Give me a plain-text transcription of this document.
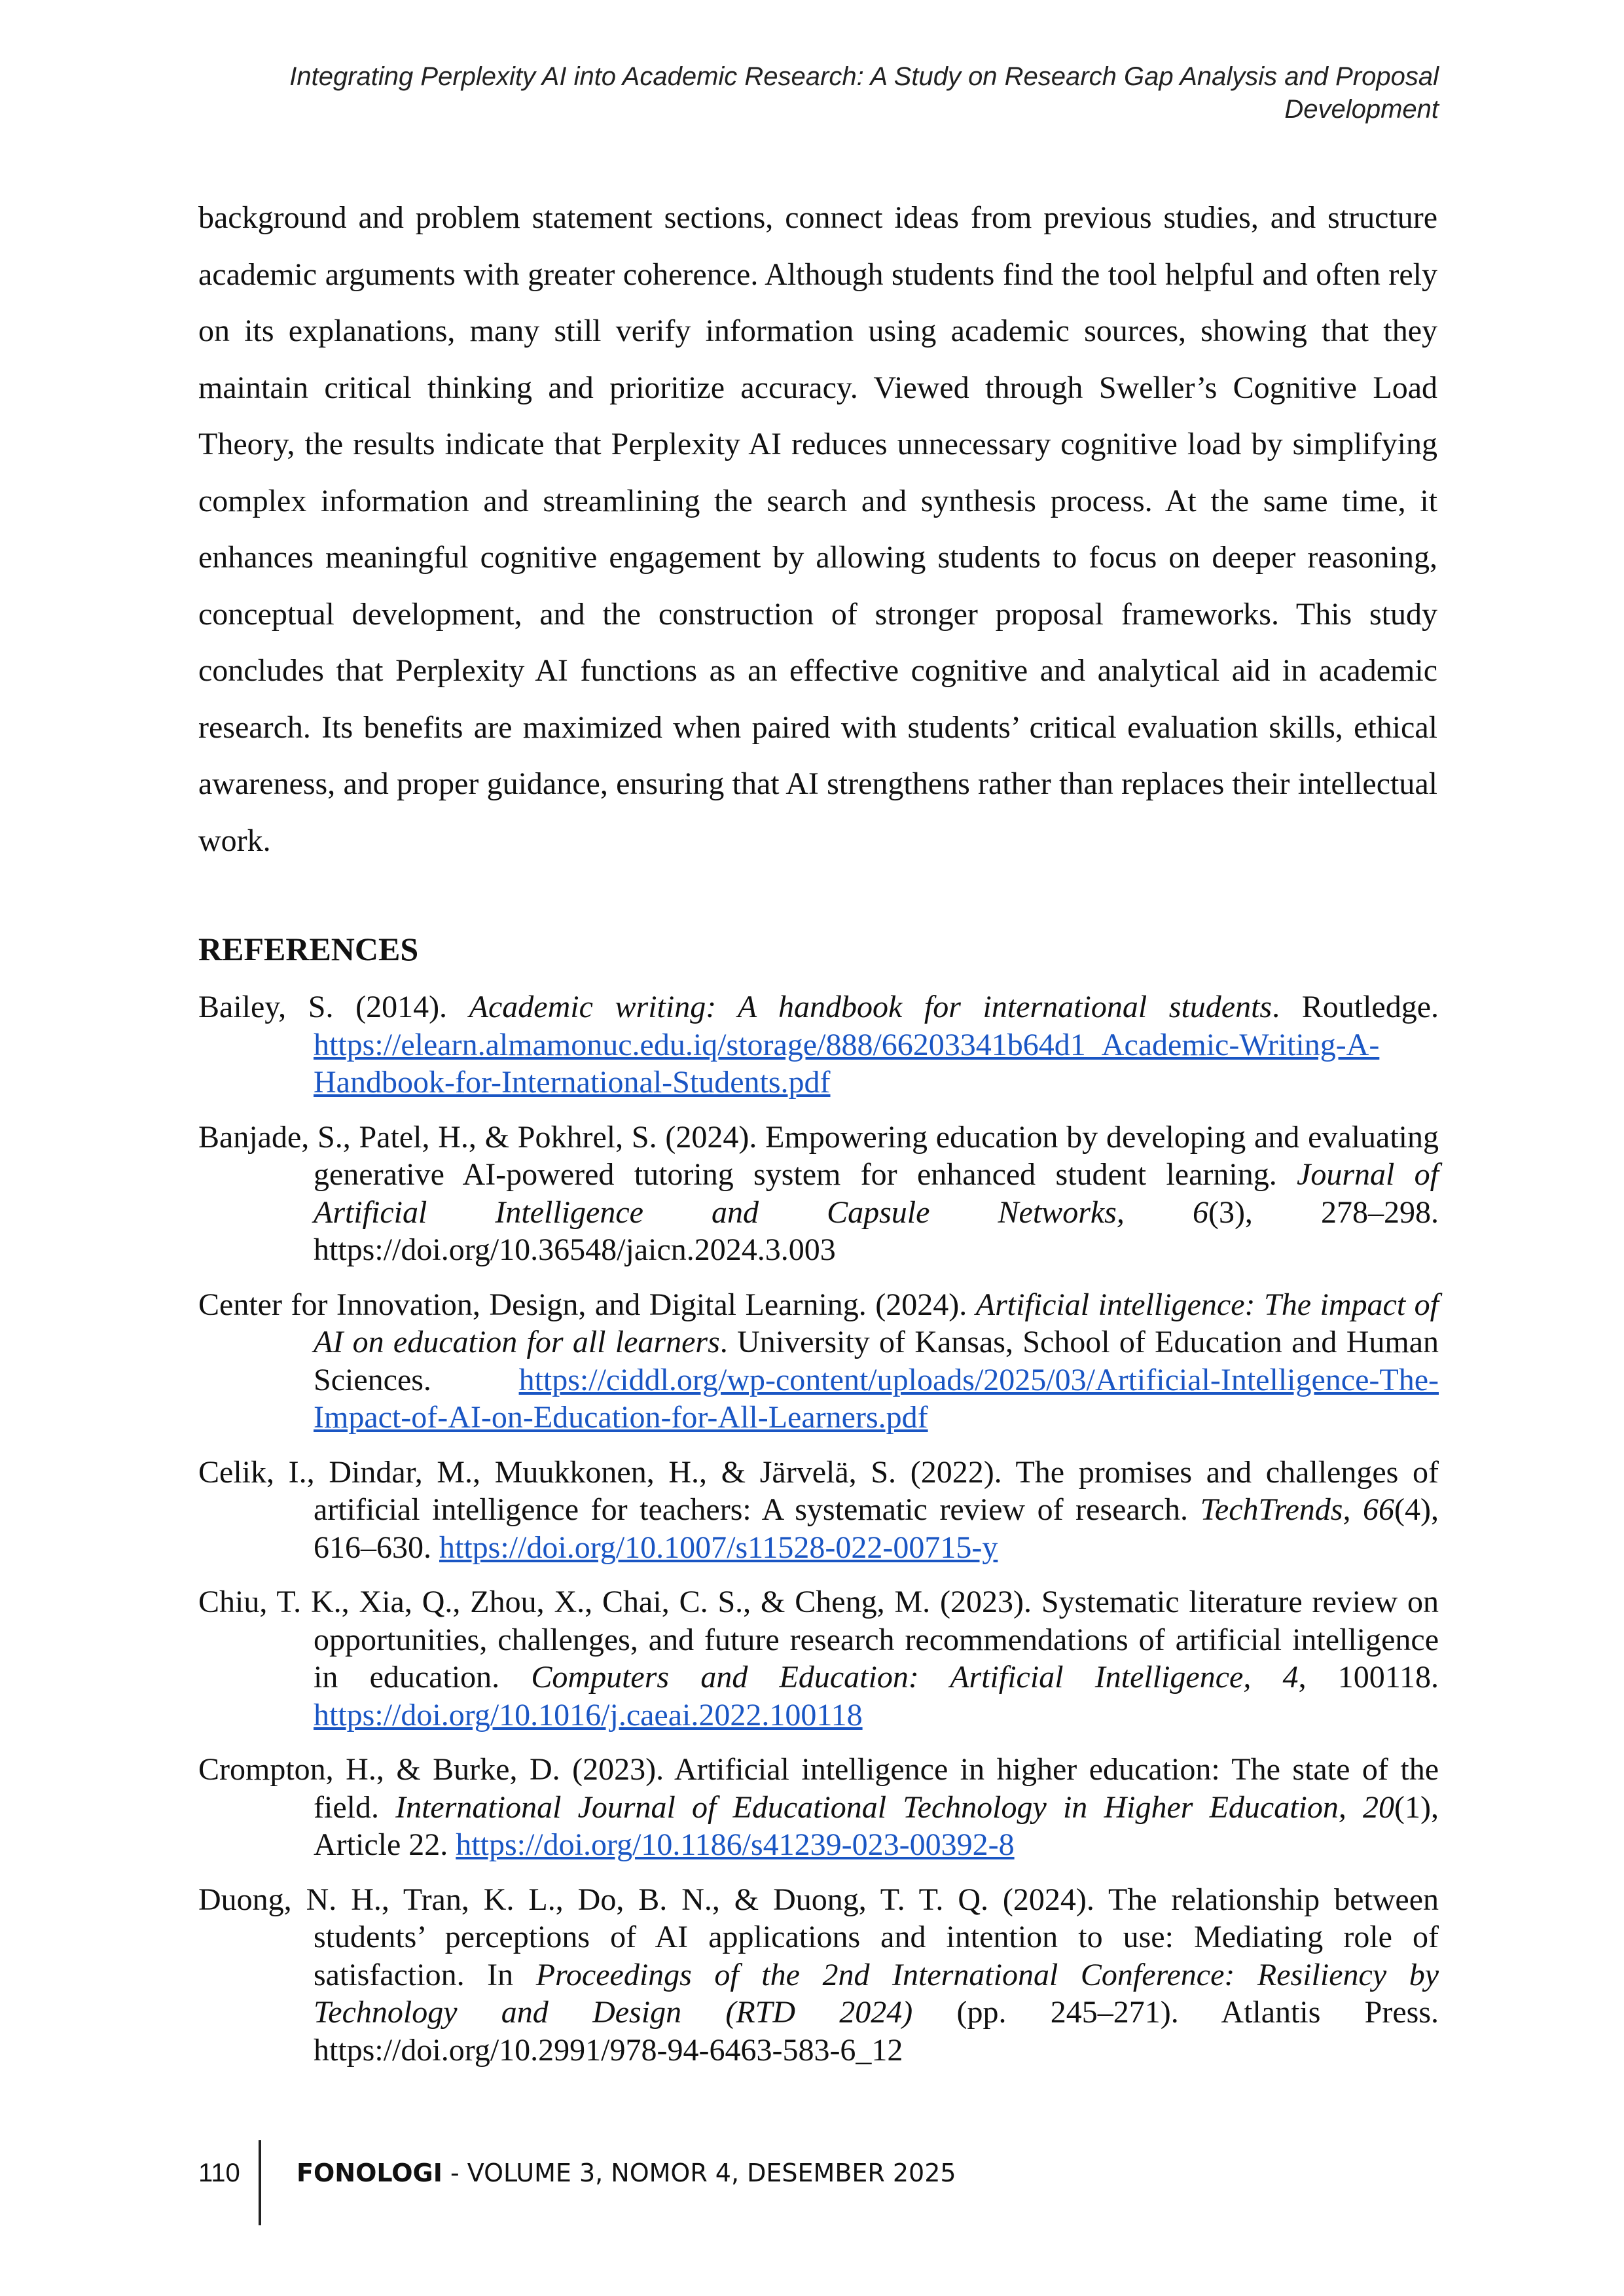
Integrating Perplexity AI into Academic Research: A Study on Research Gap Analysis and Proposal
Development

background and problem statement sections, connect ideas from previous studies, and structure academic arguments with greater coherence. Although students find the tool helpful and often rely on its explanations, many still verify information using academic sources, showing that they maintain critical thinking and prioritize accuracy. Viewed through Sweller’s Cognitive Load Theory, the results indicate that Perplexity AI reduces unnecessary cognitive load by simplifying complex information and streamlining the search and synthesis process. At the same time, it enhances meaningful cognitive engagement by allowing students to focus on deeper reasoning, conceptual development, and the construction of stronger proposal frameworks. This study concludes that Perplexity AI functions as an effective cognitive and analytical aid in academic research. Its benefits are maximized when paired with students’ critical evaluation skills, ethical awareness, and proper guidance, ensuring that AI strengthens rather than replaces their intellectual work.

REFERENCES

Bailey, S. (2014). Academic writing: A handbook for international students. Routledge. https://elearn.almamonuc.edu.iq/storage/888/66203341b64d1_Academic-Writing-A-Handbook-for-International-Students.pdf

Banjade, S., Patel, H., & Pokhrel, S. (2024). Empowering education by developing and evaluating generative AI-powered tutoring system for enhanced student learning. Journal of Artificial Intelligence and Capsule Networks, 6(3), 278–298. https://doi.org/10.36548/jaicn.2024.3.003

Center for Innovation, Design, and Digital Learning. (2024). Artificial intelligence: The impact of AI on education for all learners. University of Kansas, School of Education and Human Sciences. https://ciddl.org/wp-content/uploads/2025/03/Artificial-Intelligence-The-Impact-of-AI-on-Education-for-All-Learners.pdf

Celik, I., Dindar, M., Muukkonen, H., & Järvelä, S. (2022). The promises and challenges of artificial intelligence for teachers: A systematic review of research. TechTrends, 66(4), 616–630. https://doi.org/10.1007/s11528-022-00715-y

Chiu, T. K., Xia, Q., Zhou, X., Chai, C. S., & Cheng, M. (2023). Systematic literature review on opportunities, challenges, and future research recommendations of artificial intelligence in education. Computers and Education: Artificial Intelligence, 4, 100118. https://doi.org/10.1016/j.caeai.2022.100118

Crompton, H., & Burke, D. (2023). Artificial intelligence in higher education: The state of the field. International Journal of Educational Technology in Higher Education, 20(1), Article 22. https://doi.org/10.1186/s41239-023-00392-8

Duong, N. H., Tran, K. L., Do, B. N., & Duong, T. T. Q. (2024). The relationship between students’ perceptions of AI applications and intention to use: Mediating role of satisfaction. In Proceedings of the 2nd International Conference: Resiliency by Technology and Design (RTD 2024) (pp. 245–271). Atlantis Press. https://doi.org/10.2991/978-94-6463-583-6_12

110	FONOLOGI - VOLUME 3, NOMOR 4, DESEMBER 2025
